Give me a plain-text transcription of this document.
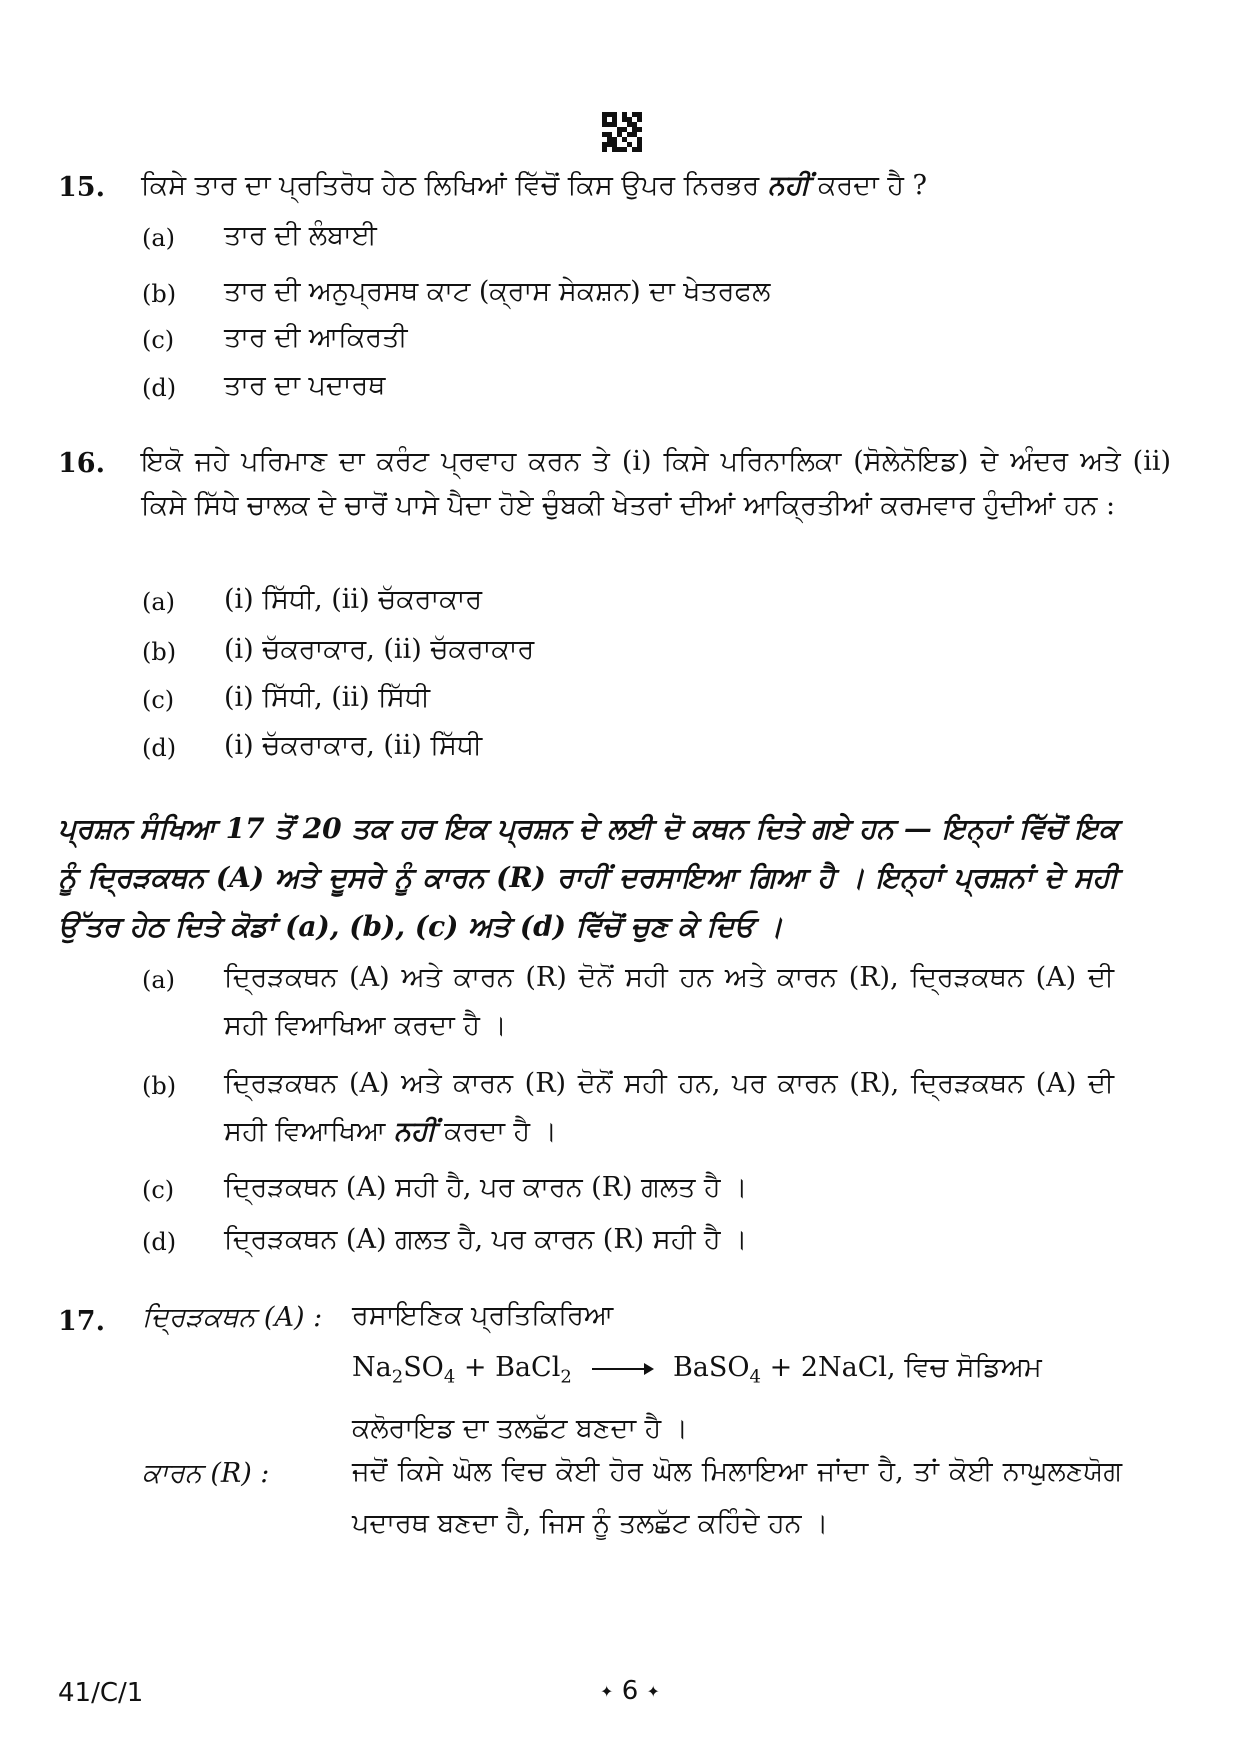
15. ਕਿਸੇ ਤਾਰ ਦਾ ਪ੍ਰਤਿਰੋਧ ਹੇਠ ਲਿਖਿਆਂ ਵਿੱਚੋਂ ਕਿਸ ਉਪਰ ਨਿਰਭਰ ਨਹੀਂ ਕਰਦਾ ਹੈ ?
(a) ਤਾਰ ਦੀ ਲੰਬਾਈ
(b) ਤਾਰ ਦੀ ਅਨੁਪ੍ਰਸਥ ਕਾਟ (ਕ੍ਰਾਸ ਸੇਕਸ਼ਨ) ਦਾ ਖੇਤਰਫਲ
(c) ਤਾਰ ਦੀ ਆਕਿਰਤੀ
(d) ਤਾਰ ਦਾ ਪਦਾਰਥ
16. ਇਕੋ ਜਹੇ ਪਰਿਮਾਣ ਦਾ ਕਰੰਟ ਪ੍ਰਵਾਹ ਕਰਨ ਤੇ (i) ਕਿਸੇ ਪਰਿਨਾਲਿਕਾ (ਸੋਲੇਨੋਇਡ) ਦੇ ਅੰਦਰ ਅਤੇ (ii) ਕਿਸੇ ਸਿੱਧੇ ਚਾਲਕ ਦੇ ਚਾਰੋਂ ਪਾਸੇ ਪੈਦਾ ਹੋਏ ਚੁੰਬਕੀ ਖੇਤਰਾਂ ਦੀਆਂ ਆਕ੍ਰਿਤੀਆਂ ਕਰਮਵਾਰ ਹੁੰਦੀਆਂ ਹਨ :
(a) (i) ਸਿੱਧੀ, (ii) ਚੱਕਰਾਕਾਰ
(b) (i) ਚੱਕਰਾਕਾਰ, (ii) ਚੱਕਰਾਕਾਰ
(c) (i) ਸਿੱਧੀ, (ii) ਸਿੱਧੀ
(d) (i) ਚੱਕਰਾਕਾਰ, (ii) ਸਿੱਧੀ
ਪ੍ਰਸ਼ਨ ਸੰਖਿਆ 17 ਤੋਂ 20 ਤਕ ਹਰ ਇਕ ਪ੍ਰਸ਼ਨ ਦੇ ਲਈ ਦੋ ਕਥਨ ਦਿਤੇ ਗਏ ਹਨ — ਇਨ੍ਹਾਂ ਵਿੱਚੋਂ ਇਕ ਨੂੰ ਦ੍ਰਿੜਕਥਨ (A) ਅਤੇ ਦੂਸਰੇ ਨੂੰ ਕਾਰਨ (R) ਰਾਹੀਂ ਦਰਸਾਇਆ ਗਿਆ ਹੈ । ਇਨ੍ਹਾਂ ਪ੍ਰਸ਼ਨਾਂ ਦੇ ਸਹੀ ਉੱਤਰ ਹੇਠ ਦਿਤੇ ਕੋਡਾਂ (a), (b), (c) ਅਤੇ (d) ਵਿੱਚੋਂ ਚੁਣ ਕੇ ਦਿਓ ।
(a) ਦ੍ਰਿੜਕਥਨ (A) ਅਤੇ ਕਾਰਨ (R) ਦੋਨੋਂ ਸਹੀ ਹਨ ਅਤੇ ਕਾਰਨ (R), ਦ੍ਰਿੜਕਥਨ (A) ਦੀ ਸਹੀ ਵਿਆਖਿਆ ਕਰਦਾ ਹੈ ।
(b) ਦ੍ਰਿੜਕਥਨ (A) ਅਤੇ ਕਾਰਨ (R) ਦੋਨੋਂ ਸਹੀ ਹਨ, ਪਰ ਕਾਰਨ (R), ਦ੍ਰਿੜਕਥਨ (A) ਦੀ ਸਹੀ ਵਿਆਖਿਆ ਨਹੀਂ ਕਰਦਾ ਹੈ ।
(c) ਦ੍ਰਿੜਕਥਨ (A) ਸਹੀ ਹੈ, ਪਰ ਕਾਰਨ (R) ਗਲਤ ਹੈ ।
(d) ਦ੍ਰਿੜਕਥਨ (A) ਗਲਤ ਹੈ, ਪਰ ਕਾਰਨ (R) ਸਹੀ ਹੈ ।
17. ਦ੍ਰਿੜਕਥਨ (A) : ਰਸਾਇਣਿਕ ਪ੍ਰਤਿਕਿਰਿਆ
$Na_2SO_4$ + BaCl$_2$ → BaSO$_4$ + 2NaCl, ਵਿਚ ਸੋਡਿਅਮ
ਕਲੋਰਾਇਡ ਦਾ ਤਲਛੱਟ ਬਣਦਾ ਹੈ ।
ਕਾਰਨ (R) :	ਜਦੋਂ ਕਿਸੇ ਘੋਲ ਵਿਚ ਕੋਈ ਹੋਰ ਘੋਲ ਮਿਲਾਇਆ ਜਾਂਦਾ ਹੈ, ਤਾਂ ਕੋਈ ਨਾਘੁਲਣਯੋਗ ਪਦਾਰਥ ਬਣਦਾ ਹੈ, ਜਿਸ ਨੂੰ ਤਲਛੱਟ ਕਹਿੰਦੇ ਹਨ ।
41/C/1	✦ 6 ✦
